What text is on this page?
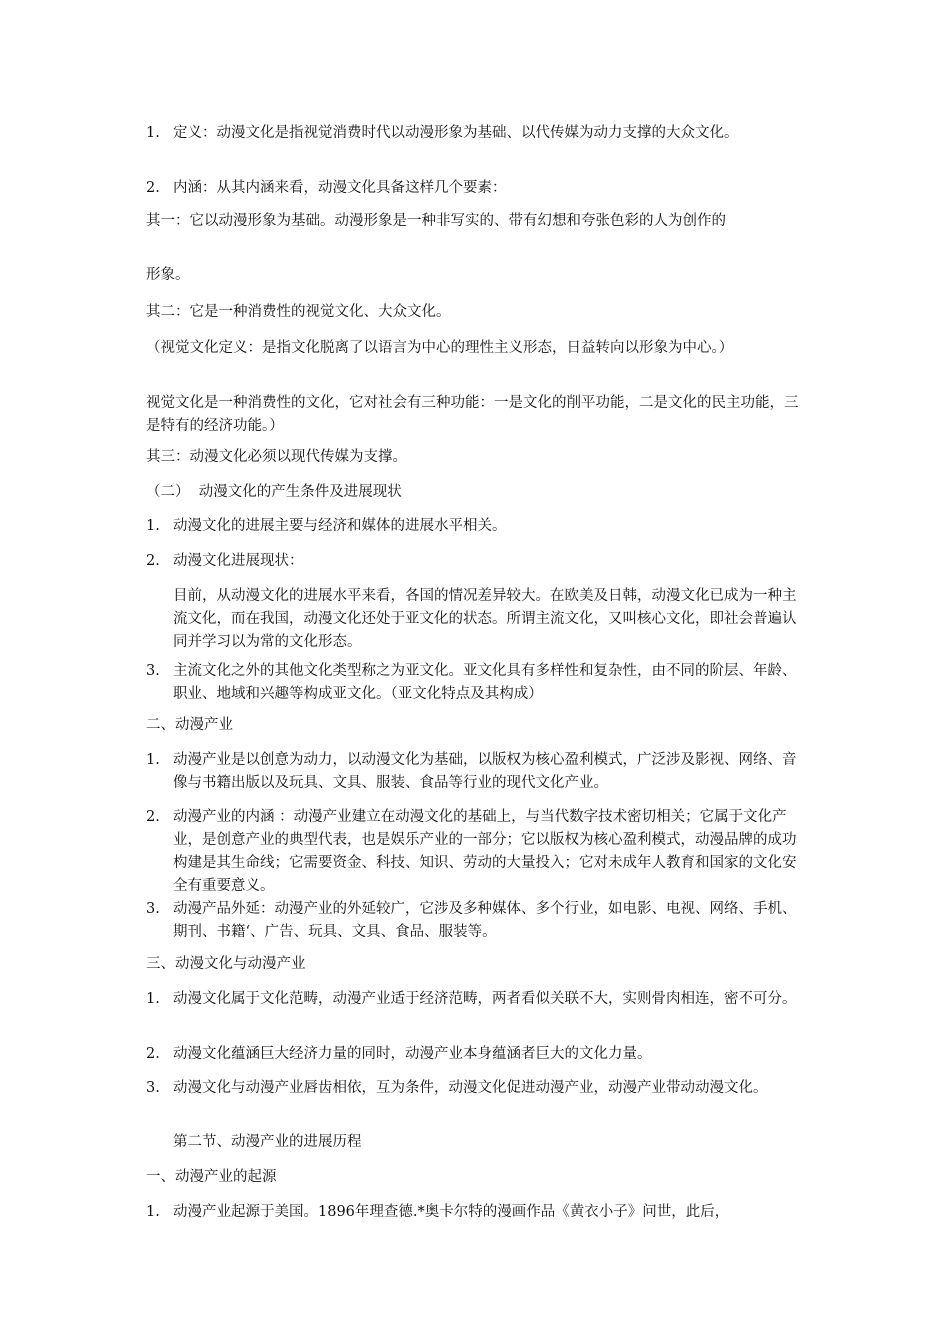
1. 定义：动漫文化是指视觉消费时代以动漫形象为基础、以代传媒为动力支撑的大众文化。
2. 内涵：从其内涵来看，动漫文化具备这样几个要素：
其一：它以动漫形象为基础。动漫形象是一种非写实的、带有幻想和夸张色彩的人为创作的
形象。
其二：它是一种消费性的视觉文化、大众文化。
（视觉文化定义：是指文化脱离了以语言为中心的理性主义形态，日益转向以形象为中心。）
视觉文化是一种消费性的文化，它对社会有三种功能：一是文化的削平功能，二是文化的民主功能，三是特有的经济功能。）
其三：动漫文化必须以现代传媒为支撑。
（二）  动漫文化的产生条件及进展现状
1. 动漫文化的进展主要与经济和媒体的进展水平相关。
2. 动漫文化进展现状：
目前，从动漫文化的进展水平来看，各国的情况差异较大。在欧美及日韩，动漫文化已成为一种主流文化，而在我国，动漫文化还处于亚文化的状态。所谓主流文化，又叫核心文化，即社会普遍认同并学习以为常的文化形态。
3. 主流文化之外的其他文化类型称之为亚文化。亚文化具有多样性和复杂性，由不同的阶层、年龄、职业、地域和兴趣等构成亚文化。（亚文化特点及其构成）
二、动漫产业
1. 动漫产业是以创意为动力，以动漫文化为基础，以版权为核心盈利模式，广泛涉及影视、网络、音像与书籍出版以及玩具、文具、服装、食品等行业的现代文化产业。
2. 动漫产业的内涵 ：动漫产业建立在动漫文化的基础上，与当代数字技术密切相关；它属于文化产业，是创意产业的典型代表，也是娱乐产业的一部分；它以版权为核心盈利模式，动漫品牌的成功构建是其生命线；它需要资金、科技、知识、劳动的大量投入；它对未成年人教育和国家的文化安全有重要意义。
3. 动漫产品外延：动漫产业的外延较广，它涉及多种媒体、多个行业，如电影、电视、网络、手机、期刊、书籍‘、广告、玩具、文具、食品、服装等。
三、动漫文化与动漫产业
1. 动漫文化属于文化范畴，动漫产业适于经济范畴，两者看似关联不大，实则骨肉相连，密不可分。
2. 动漫文化蕴涵巨大经济力量的同时，动漫产业本身蕴涵者巨大的文化力量。
3. 动漫文化与动漫产业唇齿相依，互为条件，动漫文化促进动漫产业，动漫产业带动动漫文化。
第二节、动漫产业的进展历程
一、动漫产业的起源
1. 动漫产业起源于美国。1896年理查德.*奥卡尔特的漫画作品《黄衣小子》问世，此后，
